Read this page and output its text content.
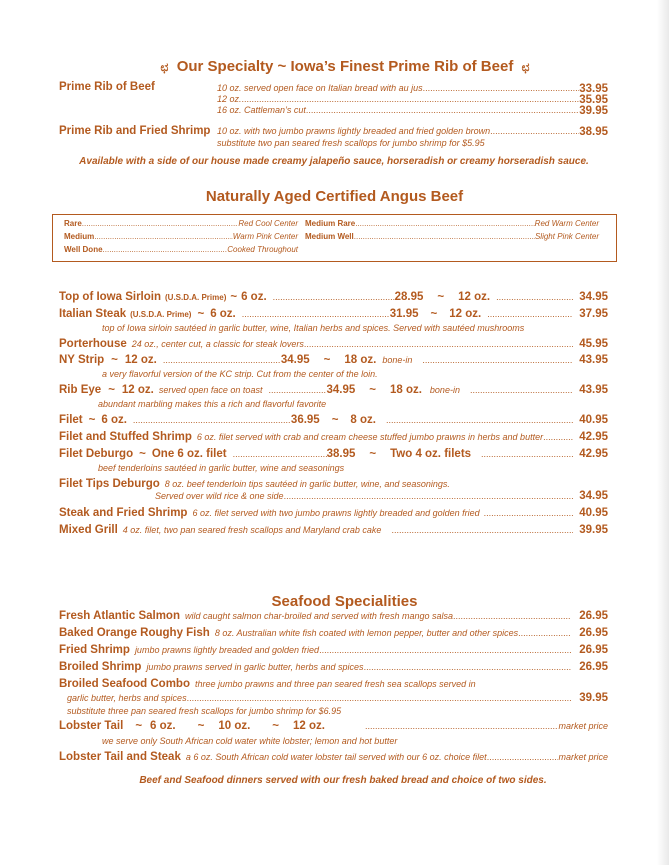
ಛ Our Specialty ~ Iowa’s Finest Prime Rib of Beef ಛ
Prime Rib of Beef	10 oz. served open face on Italian bread with au jus .....	33.95
12 oz. .....	35.95
16 oz. Cattleman’s cut .....	39.95
Prime Rib and Fried Shrimp 10 oz. with two jumbo prawns lightly breaded and fried golden brown .....	38.95
substitute two pan seared fresh scallops for jumbo shrimp for $5.95
Available with a side of our house made creamy jalapeño sauce, horseradish or creamy horseradish sauce.
Naturally Aged Certified Angus Beef
Rare .....	Red Cool Center Medium Rare .....	Red Warm Center
Medium .....	Warm Pink Center Medium Well .....	Slight Pink Center
Well Done .....	Cooked Throughout
Top of Iowa Sirloin (U.S.D.A. Prime) ~ 6 oz. .....	28.95 ~ 12 oz. .....	34.95
Italian Steak (U.S.D.A. Prime) ~ 6 oz. .....	31.95 ~ 12 oz. .....	37.95
top of Iowa sirloin sautéed in garlic butter, wine, Italian herbs and spices. Served with sautéed mushrooms
Porterhouse 24 oz., center cut, a classic for steak lovers .....	45.95
NY Strip ~ 12 oz. .....	34.95 ~ 18 oz. bone-in .....	43.95
a very flavorful version of the KC strip. Cut from the center of the loin.
Rib Eye ~ 12 oz. served open face on toast .....	34.95 ~ 18 oz. bone-in .....	43.95
abundant marbling makes this a rich and flavorful favorite
Filet ~ 6 oz. .....	36.95 ~ 8 oz. .....	40.95
Filet and Stuffed Shrimp 6 oz. filet served with crab and cream cheese stuffed jumbo prawns in herbs and butter .....	42.95
Filet Deburgo ~ One 6 oz. filet .....	38.95 ~ Two 4 oz. filets .....	42.95
beef tenderloins sautéed in garlic butter, wine and seasonings
Filet Tips Deburgo 8 oz. beef tenderloin tips sautéed in garlic butter, wine, and seasonings.
Served over wild rice & one side .....	34.95
Steak and Fried Shrimp 6 oz. filet served with two jumbo prawns lightly breaded and golden fried .....	40.95
Mixed Grill 4 oz. filet, two pan seared fresh scallops and Maryland crab cake .....	39.95
Seafood Specialities
Fresh Atlantic Salmon wild caught salmon char-broiled and served with fresh mango salsa .....	26.95
Baked Orange Roughy Fish 8 oz. Australian white fish coated with lemon pepper, butter and other spices .....	26.95
Fried Shrimp jumbo prawns lightly breaded and golden fried .....	26.95
Broiled Shrimp jumbo prawns served in garlic butter, herbs and spices .....	26.95
Broiled Seafood Combo three jumbo prawns and three pan seared fresh sea scallops served in
garlic butter, herbs and spices .....	39.95
substitute three pan seared fresh scallops for jumbo shrimp for $6.95
Lobster Tail ~ 6 oz. ~ 10 oz. ~ 12 oz. .....	market price
we serve only South African cold water white lobster; lemon and hot butter
Lobster Tail and Steak a 6 oz. South African cold water lobster tail served with our 6 oz. choice filet .....	market price
Beef and Seafood dinners served with our fresh baked bread and choice of two sides.
